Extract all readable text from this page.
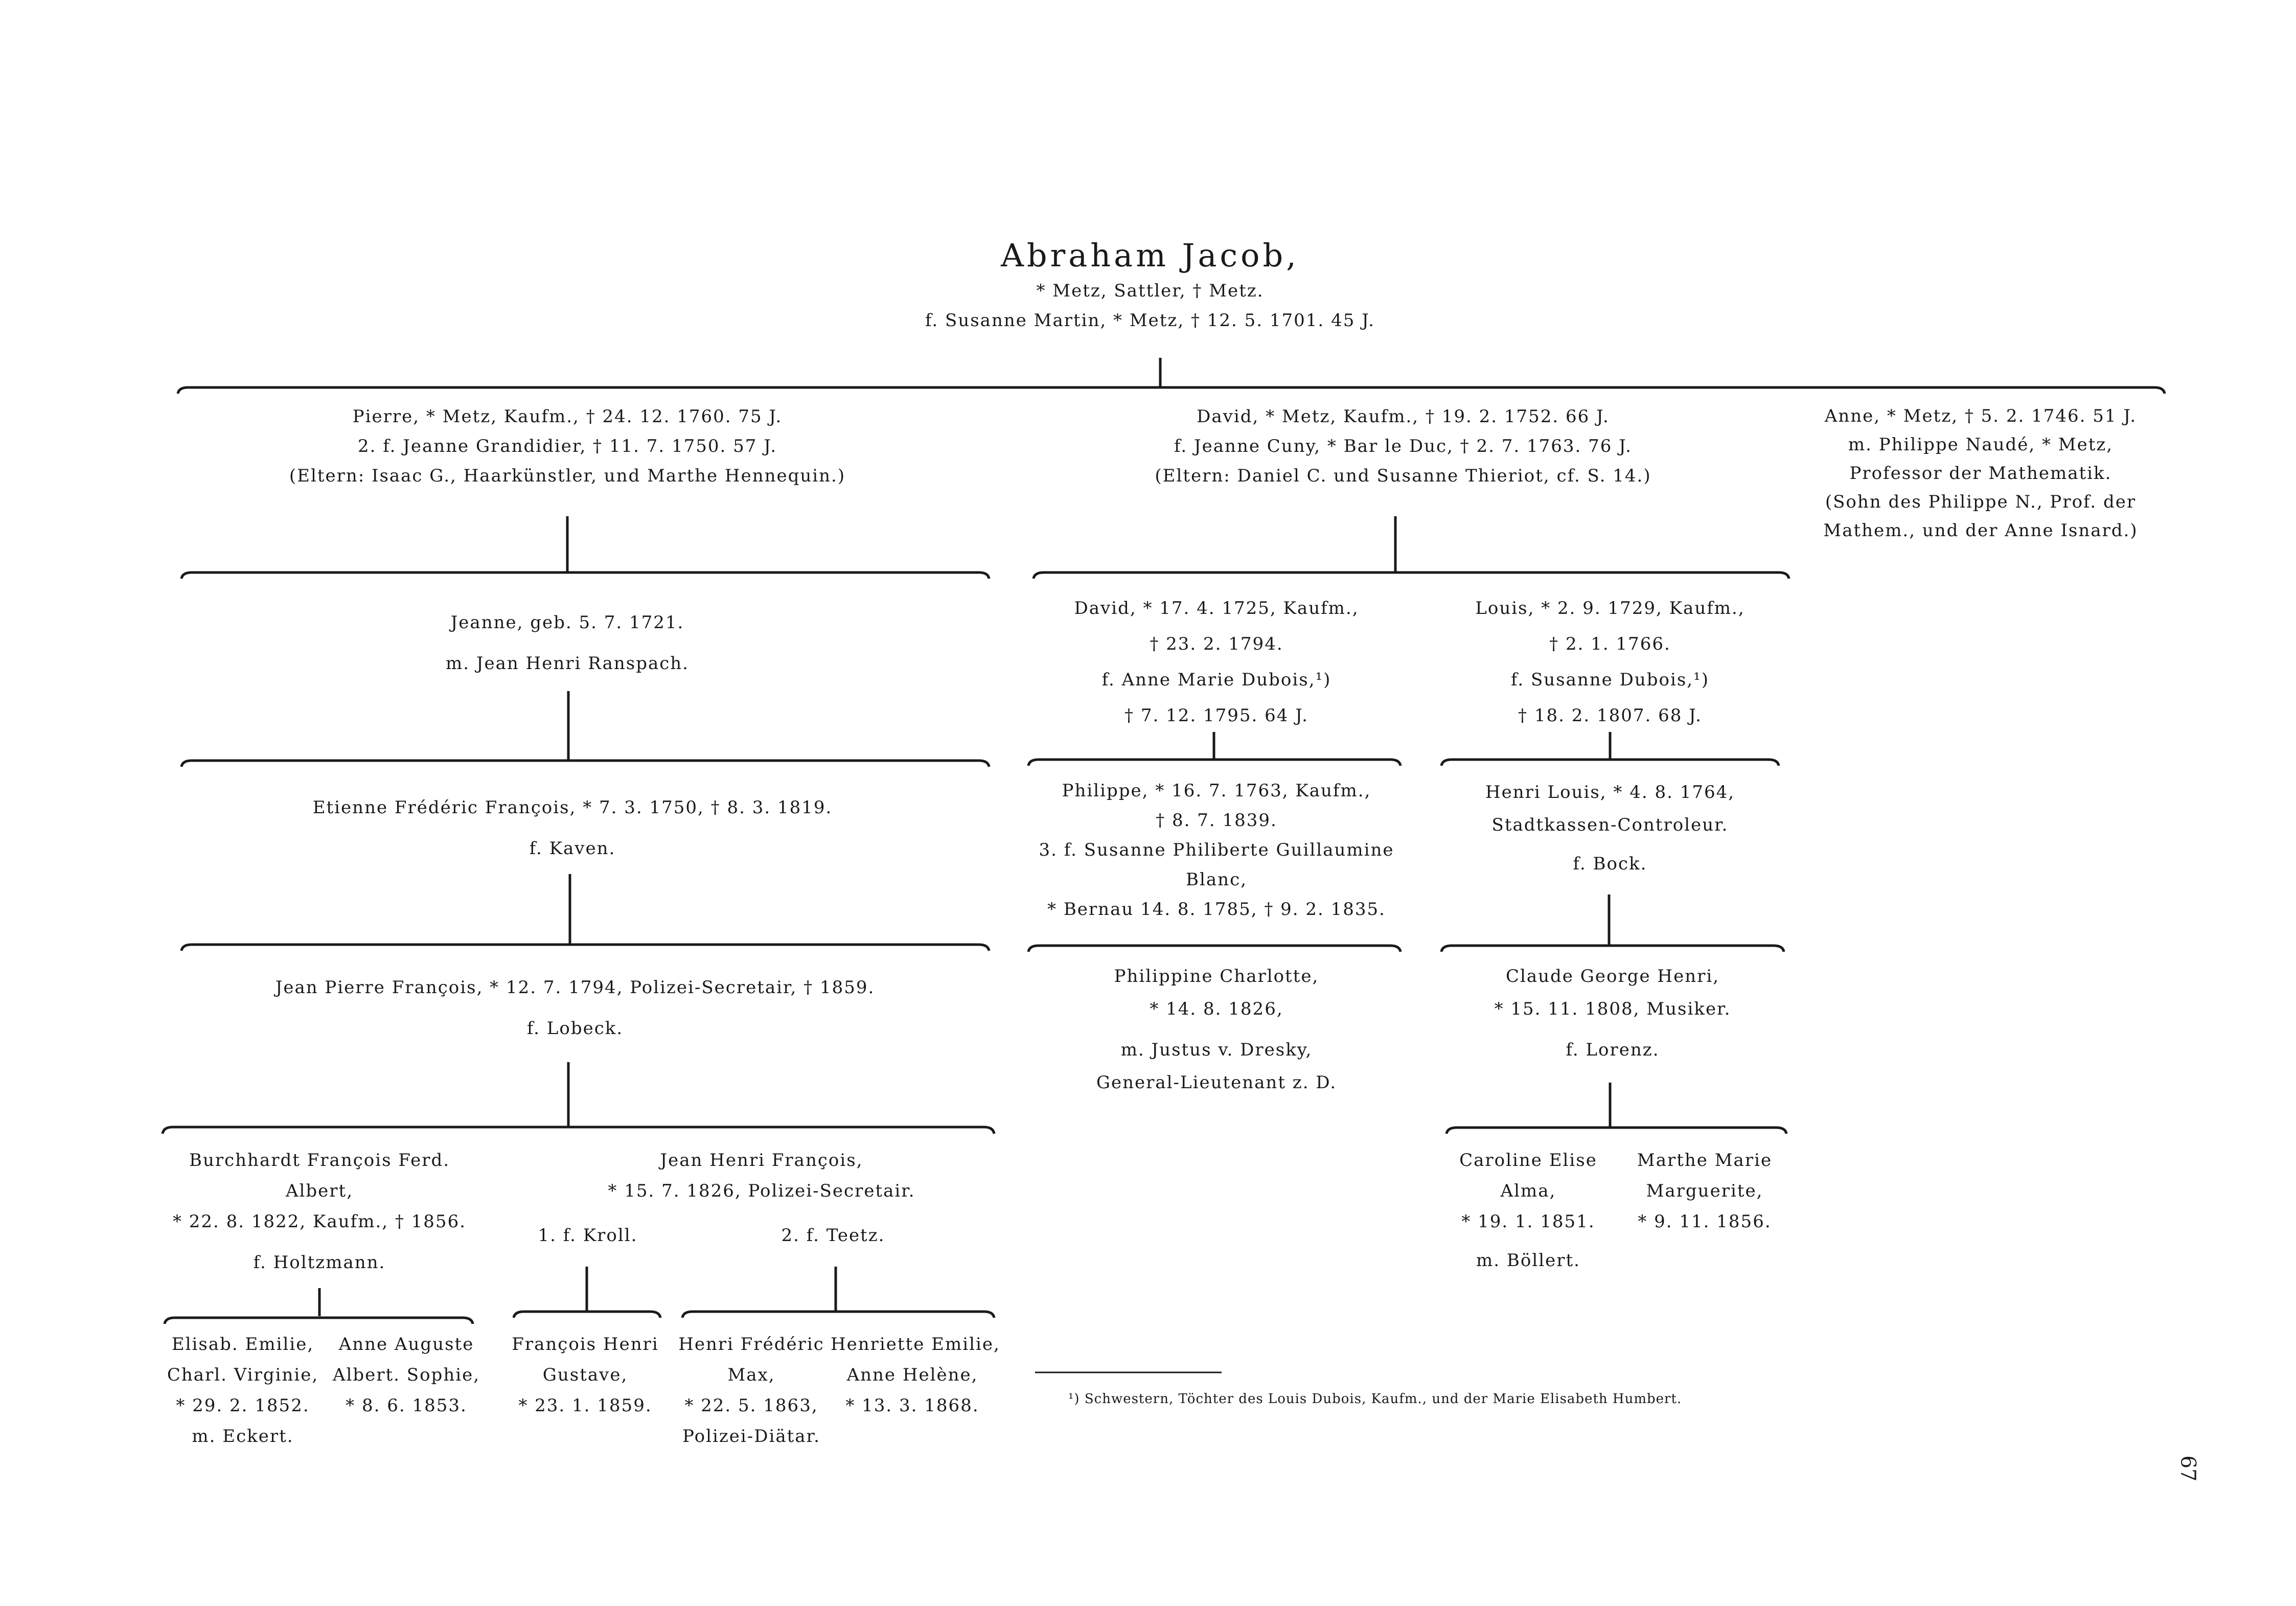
Abraham Jacob,
* Metz, Sattler, † Metz.
f. Susanne Martin, * Metz, † 12. 5. 1701. 45 J.
Pierre, * Metz, Kaufm., † 24. 12. 1760. 75 J.
2. f. Jeanne Grandidier, † 11. 7. 1750. 57 J.
(Eltern: Isaac G., Haarkünstler, und Marthe Hennequin.)
David, * Metz, Kaufm., † 19. 2. 1752. 66 J.
f. Jeanne Cuny, * Bar le Duc, † 2. 7. 1763. 76 J.
(Eltern: Daniel C. und Susanne Thieriot, cf. S. 14.)
Anne, * Metz, † 5. 2. 1746. 51 J.
m. Philippe Naudé, * Metz,
Professor der Mathematik.
(Sohn des Philippe N., Prof. der
Mathem., und der Anne Isnard.)
Jeanne, geb. 5. 7. 1721.
m. Jean Henri Ranspach.
Etienne Frédéric François, * 7. 3. 1750, † 8. 3. 1819.
f. Kaven.
Jean Pierre François, * 12. 7. 1794, Polizei-Secretair, † 1859.
f. Lobeck.
Burchhardt François Ferd.
Albert,
* 22. 8. 1822, Kaufm., † 1856.
f. Holtzmann.
Jean Henri François,
* 15. 7. 1826, Polizei-Secretair.
1. f. Kroll.	2. f. Teetz.
Elisab. Emilie,
Charl. Virginie,
* 29. 2. 1852.
m. Eckert.
Anne Auguste
Albert. Sophie,
* 8. 6. 1853.
François Henri
Gustave,
* 23. 1. 1859.
Henri Frédéric
Max,
* 22. 5. 1863,
Polizei-Diätar.
Henriette Emilie,
Anne Helène,
* 13. 3. 1868.
David, * 17. 4. 1725, Kaufm.,
† 23. 2. 1794.
f. Anne Marie Dubois,¹)
† 7. 12. 1795. 64 J.
Louis, * 2. 9. 1729, Kaufm.,
† 2. 1. 1766.
f. Susanne Dubois,¹)
† 18. 2. 1807. 68 J.
Philippe, * 16. 7. 1763, Kaufm.,
† 8. 7. 1839.
3. f. Susanne Philiberte Guillaumine
Blanc,
* Bernau 14. 8. 1785, † 9. 2. 1835.
Henri Louis, * 4. 8. 1764,
Stadtkassen-Controleur.
f. Bock.
Philippine Charlotte,
* 14. 8. 1826,
m. Justus v. Dresky,
General-Lieutenant z. D.
Claude George Henri,
* 15. 11. 1808, Musiker.
f. Lorenz.
Caroline Elise
Alma,
* 19. 1. 1851.
m. Böllert.
Marthe Marie
Marguerite,
* 9. 11. 1856.
¹) Schwestern, Töchter des Louis Dubois, Kaufm., und der Marie Elisabeth Humbert.
67
